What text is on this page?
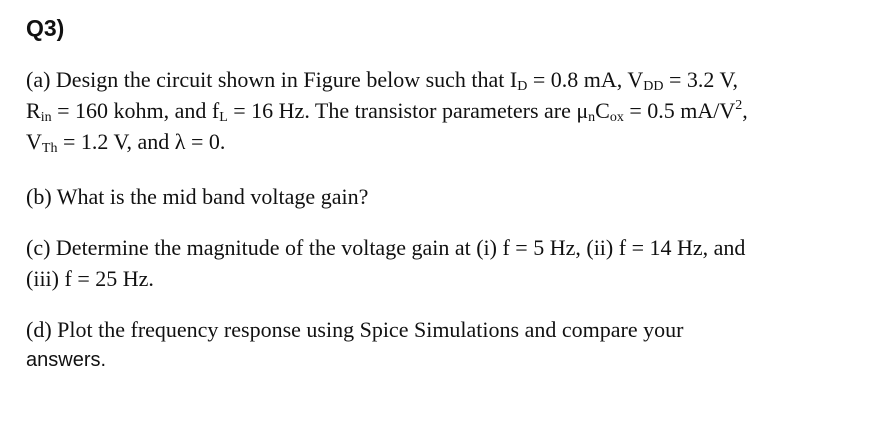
Q3)
(a) Design the circuit shown in Figure below such that $I_D = 0.8$ mA, $V_{DD} = 3.2$ V,
$R_{in} = 160$ kohm, and $f_L = 16$ Hz. The transistor parameters are $\mu_nC_{ox} = 0.5$ $mA/V^2$,
$V_{Th} = 1.2$ V, and λ = 0.
(b) What is the mid band voltage gain?
(c) Determine the magnitude of the voltage gain at (i) f = 5 Hz, (ii) f = 14 Hz, and
(iii) f = 25 Hz.
(d) Plot the frequency response using Spice Simulations and compare your
answers.
